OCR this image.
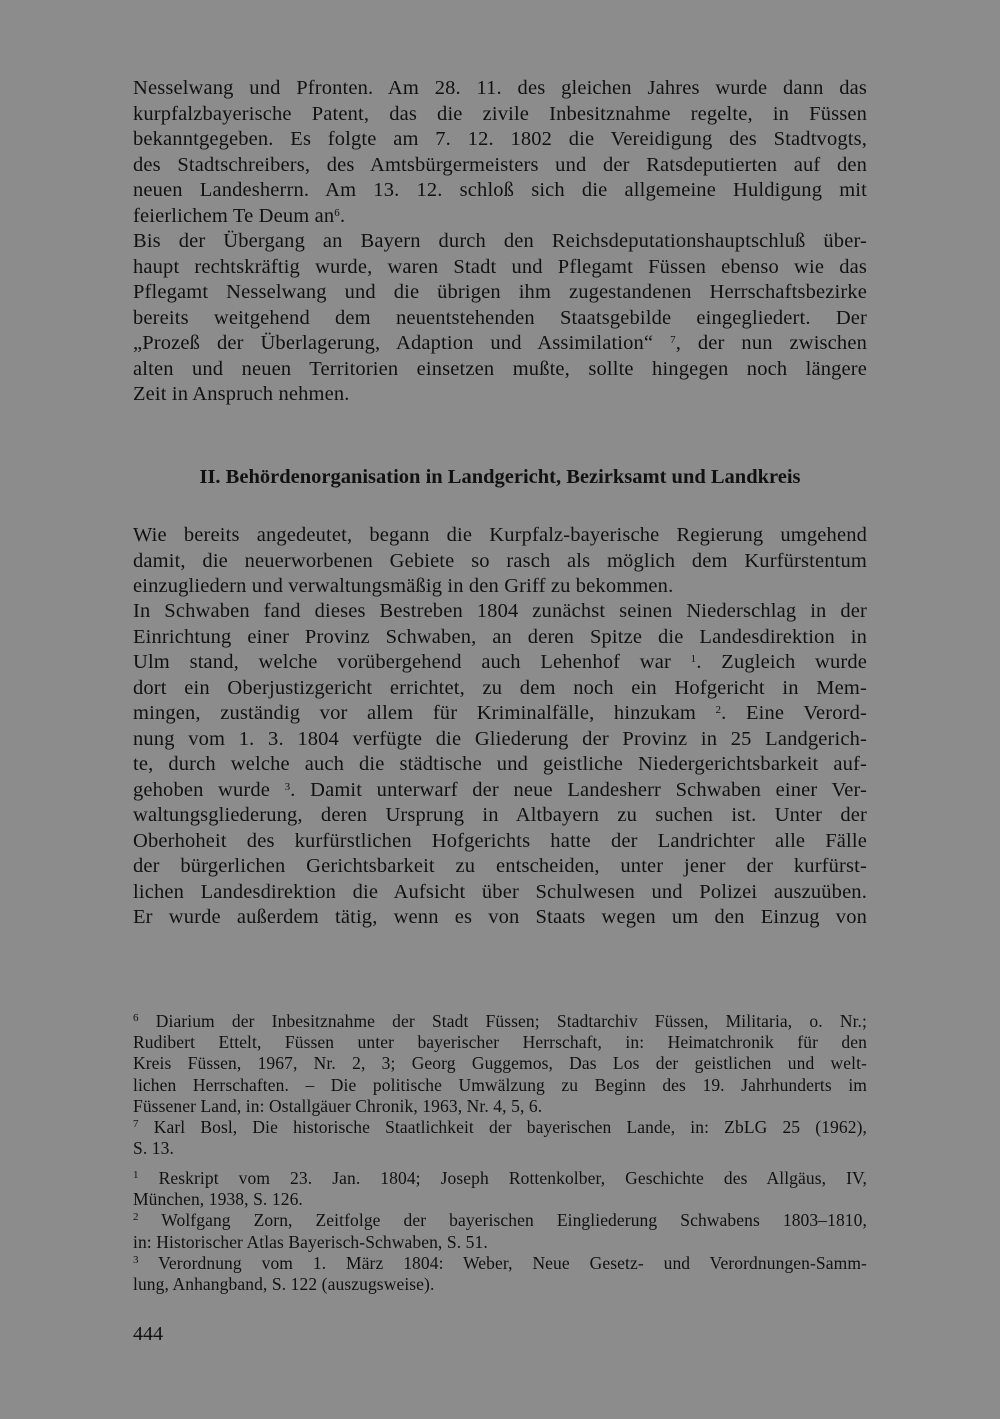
Nesselwang und Pfronten. Am 28. 11. des gleichen Jahres wurde dann das
kurpfalzbayerische Patent, das die zivile Inbesitznahme regelte, in Füssen
bekanntgegeben. Es folgte am 7. 12. 1802 die Vereidigung des Stadtvogts,
des Stadtschreibers, des Amtsbürgermeisters und der Ratsdeputierten auf den
neuen Landesherrn. Am 13. 12. schloß sich die allgemeine Huldigung mit
feierlichem Te Deum $an^6$.
Bis der Übergang an Bayern durch den Reichsdeputationshauptschluß über-
haupt rechtskräftig wurde, waren Stadt und Pflegamt Füssen ebenso wie das
Pflegamt Nesselwang und die übrigen ihm zugestandenen Herrschaftsbezirke
bereits weitgehend dem neuentstehenden Staatsgebilde eingegliedert. Der
„Prozeß der Überlagerung, Adaption und Assimilation“ $^7$, der nun zwischen
alten und neuen Territorien einsetzen mußte, sollte hingegen noch längere
Zeit in Anspruch nehmen.
II. Behördenorganisation in Landgericht, Bezirksamt und Landkreis
Wie bereits angedeutet, begann die Kurpfalz-bayerische Regierung umgehend
damit, die neuerworbenen Gebiete so rasch als möglich dem Kurfürstentum
einzugliedern und verwaltungsmäßig in den Griff zu bekommen.
In Schwaben fand dieses Bestreben 1804 zunächst seinen Niederschlag in der
Einrichtung einer Provinz Schwaben, an deren Spitze die Landesdirektion in
Ulm stand, welche vorübergehend auch Lehenhof war $^1$. Zugleich wurde
dort ein Oberjustizgericht errichtet, zu dem noch ein Hofgericht in Mem-
mingen, zuständig vor allem für Kriminalfälle, hinzukam $^2$. Eine Verord-
nung vom 1. 3. 1804 verfügte die Gliederung der Provinz in 25 Landgerich-
te, durch welche auch die städtische und geistliche Niedergerichtsbarkeit auf-
gehoben wurde $^3$. Damit unterwarf der neue Landesherr Schwaben einer Ver-
waltungsgliederung, deren Ursprung in Altbayern zu suchen ist. Unter der
Oberhoheit des kurfürstlichen Hofgerichts hatte der Landrichter alle Fälle
der bürgerlichen Gerichtsbarkeit zu entscheiden, unter jener der kurfürst-
lichen Landesdirektion die Aufsicht über Schulwesen und Polizei auszuüben.
Er wurde außerdem tätig, wenn es von Staats wegen um den Einzug von
$^6$ Diarium der Inbesitznahme der Stadt Füssen; Stadtarchiv Füssen, Militaria, o. Nr.;
Rudibert Ettelt, Füssen unter bayerischer Herrschaft, in: Heimatchronik für den
Kreis Füssen, 1967, Nr. 2, 3; Georg Guggemos, Das Los der geistlichen und welt-
lichen Herrschaften. – Die politische Umwälzung zu Beginn des 19. Jahrhunderts im
Füssener Land, in: Ostallgäuer Chronik, 1963, Nr. 4, 5, 6.
$^7$ Karl Bosl, Die historische Staatlichkeit der bayerischen Lande, in: ZbLG 25 (1962),
S. 13.
$^1$ Reskript vom 23. Jan. 1804; Joseph Rottenkolber, Geschichte des Allgäus, IV,
München, 1938, S. 126.
$^2$ Wolfgang Zorn, Zeitfolge der bayerischen Eingliederung Schwabens 1803–1810,
in: Historischer Atlas Bayerisch-Schwaben, S. 51.
$^3$ Verordnung vom 1. März 1804: Weber, Neue Gesetz- und Verordnungen-Samm-
lung, Anhangband, S. 122 (auszugsweise).
444
